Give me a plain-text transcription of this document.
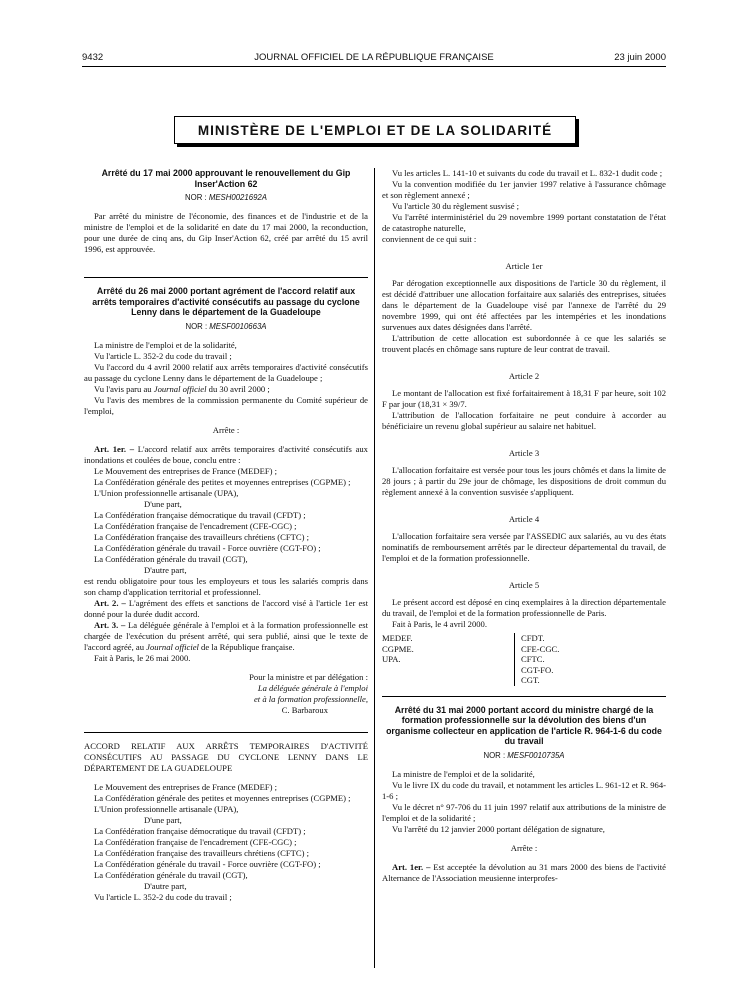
9432	JOURNAL OFFICIEL DE LA RÉPUBLIQUE FRANÇAISE	23 juin 2000
MINISTÈRE DE L'EMPLOI ET DE LA SOLIDARITÉ
Arrêté du 17 mai 2000 approuvant le renouvellement du Gip Inser'Action 62
NOR : MESH0021692A

Par arrêté du ministre de l'économie, des finances et de l'industrie et de la ministre de l'emploi et de la solidarité en date du 17 mai 2000, la reconduction, pour une durée de cinq ans, du Gip Inser'Action 62, créé par arrêté du 15 avril 1996, est approuvée.

Arrêté du 26 mai 2000 portant agrément de l'accord relatif aux arrêts temporaires d'activité consécutifs au passage du cyclone Lenny dans le département de la Guadeloupe
NOR : MESF0010663A

La ministre de l'emploi et de la solidarité,

Vu l'article L. 352-2 du code du travail ;

Vu l'accord du 4 avril 2000 relatif aux arrêts temporaires d'activité consécutifs au passage du cyclone Lenny dans le département de la Guadeloupe ;

Vu l'avis paru au Journal officiel du 30 avril 2000 ;

Vu l'avis des membres de la commission permanente du Comité supérieur de l'emploi,

Arrête :

Art. 1er. – L'accord relatif aux arrêts temporaires d'activité consécutifs aux inondations et coulées de boue, conclu entre :

Le Mouvement des entreprises de France (MEDEF) ;

La Confédération générale des petites et moyennes entreprises (CGPME) ;

L'Union professionnelle artisanale (UPA),

D'une part,

La Confédération française démocratique du travail (CFDT) ;

La Confédération française de l'encadrement (CFE-CGC) ;

La Confédération française des travailleurs chrétiens (CFTC) ;

La Confédération générale du travail - Force ouvrière (CGT-FO) ;

La Confédération générale du travail (CGT),

D'autre part,

est rendu obligatoire pour tous les employeurs et tous les salariés compris dans son champ d'application territorial et professionnel.

Art. 2. – L'agrément des effets et sanctions de l'accord visé à l'article 1er est donné pour la durée dudit accord.

Art. 3. – La déléguée générale à l'emploi et à la formation professionnelle est chargée de l'exécution du présent arrêté, qui sera publié, ainsi que le texte de l'accord agréé, au Journal officiel de la République française.

Fait à Paris, le 26 mai 2000.

Pour la ministre et par délégation :

La déléguée générale à l'emploi

et à la formation professionnelle,

C. Barbaroux

ACCORD RELATIF AUX ARRÊTS TEMPORAIRES D'ACTIVITÉ CONSÉCUTIFS AU PASSAGE DU CYCLONE LENNY DANS LE DÉPARTEMENT DE LA GUADELOUPE

Le Mouvement des entreprises de France (MEDEF) ;

La Confédération générale des petites et moyennes entreprises (CGPME) ;

L'Union professionnelle artisanale (UPA),

D'une part,

La Confédération française démocratique du travail (CFDT) ;

La Confédération française de l'encadrement (CFE-CGC) ;

La Confédération française des travailleurs chrétiens (CFTC) ;

La Confédération générale du travail - Force ouvrière (CGT-FO) ;

La Confédération générale du travail (CGT),

D'autre part,

Vu l'article L. 352-2 du code du travail ;

Vu les articles L. 141-10 et suivants du code du travail et L. 832-1 dudit code ;

Vu la convention modifiée du 1er janvier 1997 relative à l'assurance chômage et son règlement annexé ;

Vu l'article 30 du règlement susvisé ;

Vu l'arrêté interministériel du 29 novembre 1999 portant constatation de l'état de catastrophe naturelle,

conviennent de ce qui suit :

Article 1er

Par dérogation exceptionnelle aux dispositions de l'article 30 du règlement, il est décidé d'attribuer une allocation forfaitaire aux salariés des entreprises, situées dans le département de la Guadeloupe visé par l'annexe de l'arrêté du 29 novembre 1999, qui ont été affectées par les intempéries et les inondations survenues aux dates désignées dans l'arrêté.

L'attribution de cette allocation est subordonnée à ce que les salariés se trouvent placés en chômage sans rupture de leur contrat de travail.

Article 2

Le montant de l'allocation est fixé forfaitairement à 18,31 F par heure, soit 102 F par jour (18,31 × 39/7.

L'attribution de l'allocation forfaitaire ne peut conduire à accorder au bénéficiaire un revenu global supérieur au salaire net habituel.

Article 3

L'allocation forfaitaire est versée pour tous les jours chômés et dans la limite de 28 jours ; à partir du 29e jour de chômage, les dispositions de droit commun du règlement annexé à la convention susvisée s'appliquent.

Article 4

L'allocation forfaitaire sera versée par l'ASSEDIC aux salariés, au vu des états nominatifs de remboursement arrêtés par le directeur départemental du travail, de l'emploi et de la formation professionnelle.

Article 5

Le présent accord est déposé en cinq exemplaires à la direction départementale du travail, de l'emploi et de la formation professionnelle de Paris.

Fait à Paris, le 4 avril 2000.

MEDEF.
CGPME.
UPA.
CFDT.
CFE-CGC.
CFTC.
CGT-FO.
CGT.
Arrêté du 31 mai 2000 portant accord du ministre chargé de la formation professionnelle sur la dévolution des biens d'un organisme collecteur en application de l'article R. 964-1-6 du code du travail
NOR : MESF0010735A

La ministre de l'emploi et de la solidarité,

Vu le livre IX du code du travail, et notamment les articles L. 961-12 et R. 964-1-6 ;

Vu le décret n° 97-706 du 11 juin 1997 relatif aux attributions de la ministre de l'emploi et de la solidarité ;

Vu l'arrêté du 12 janvier 2000 portant délégation de signature,

Arrête :

Art. 1er. – Est acceptée la dévolution au 31 mars 2000 des biens de l'activité Alternance de l'Association meusienne interprofes-
